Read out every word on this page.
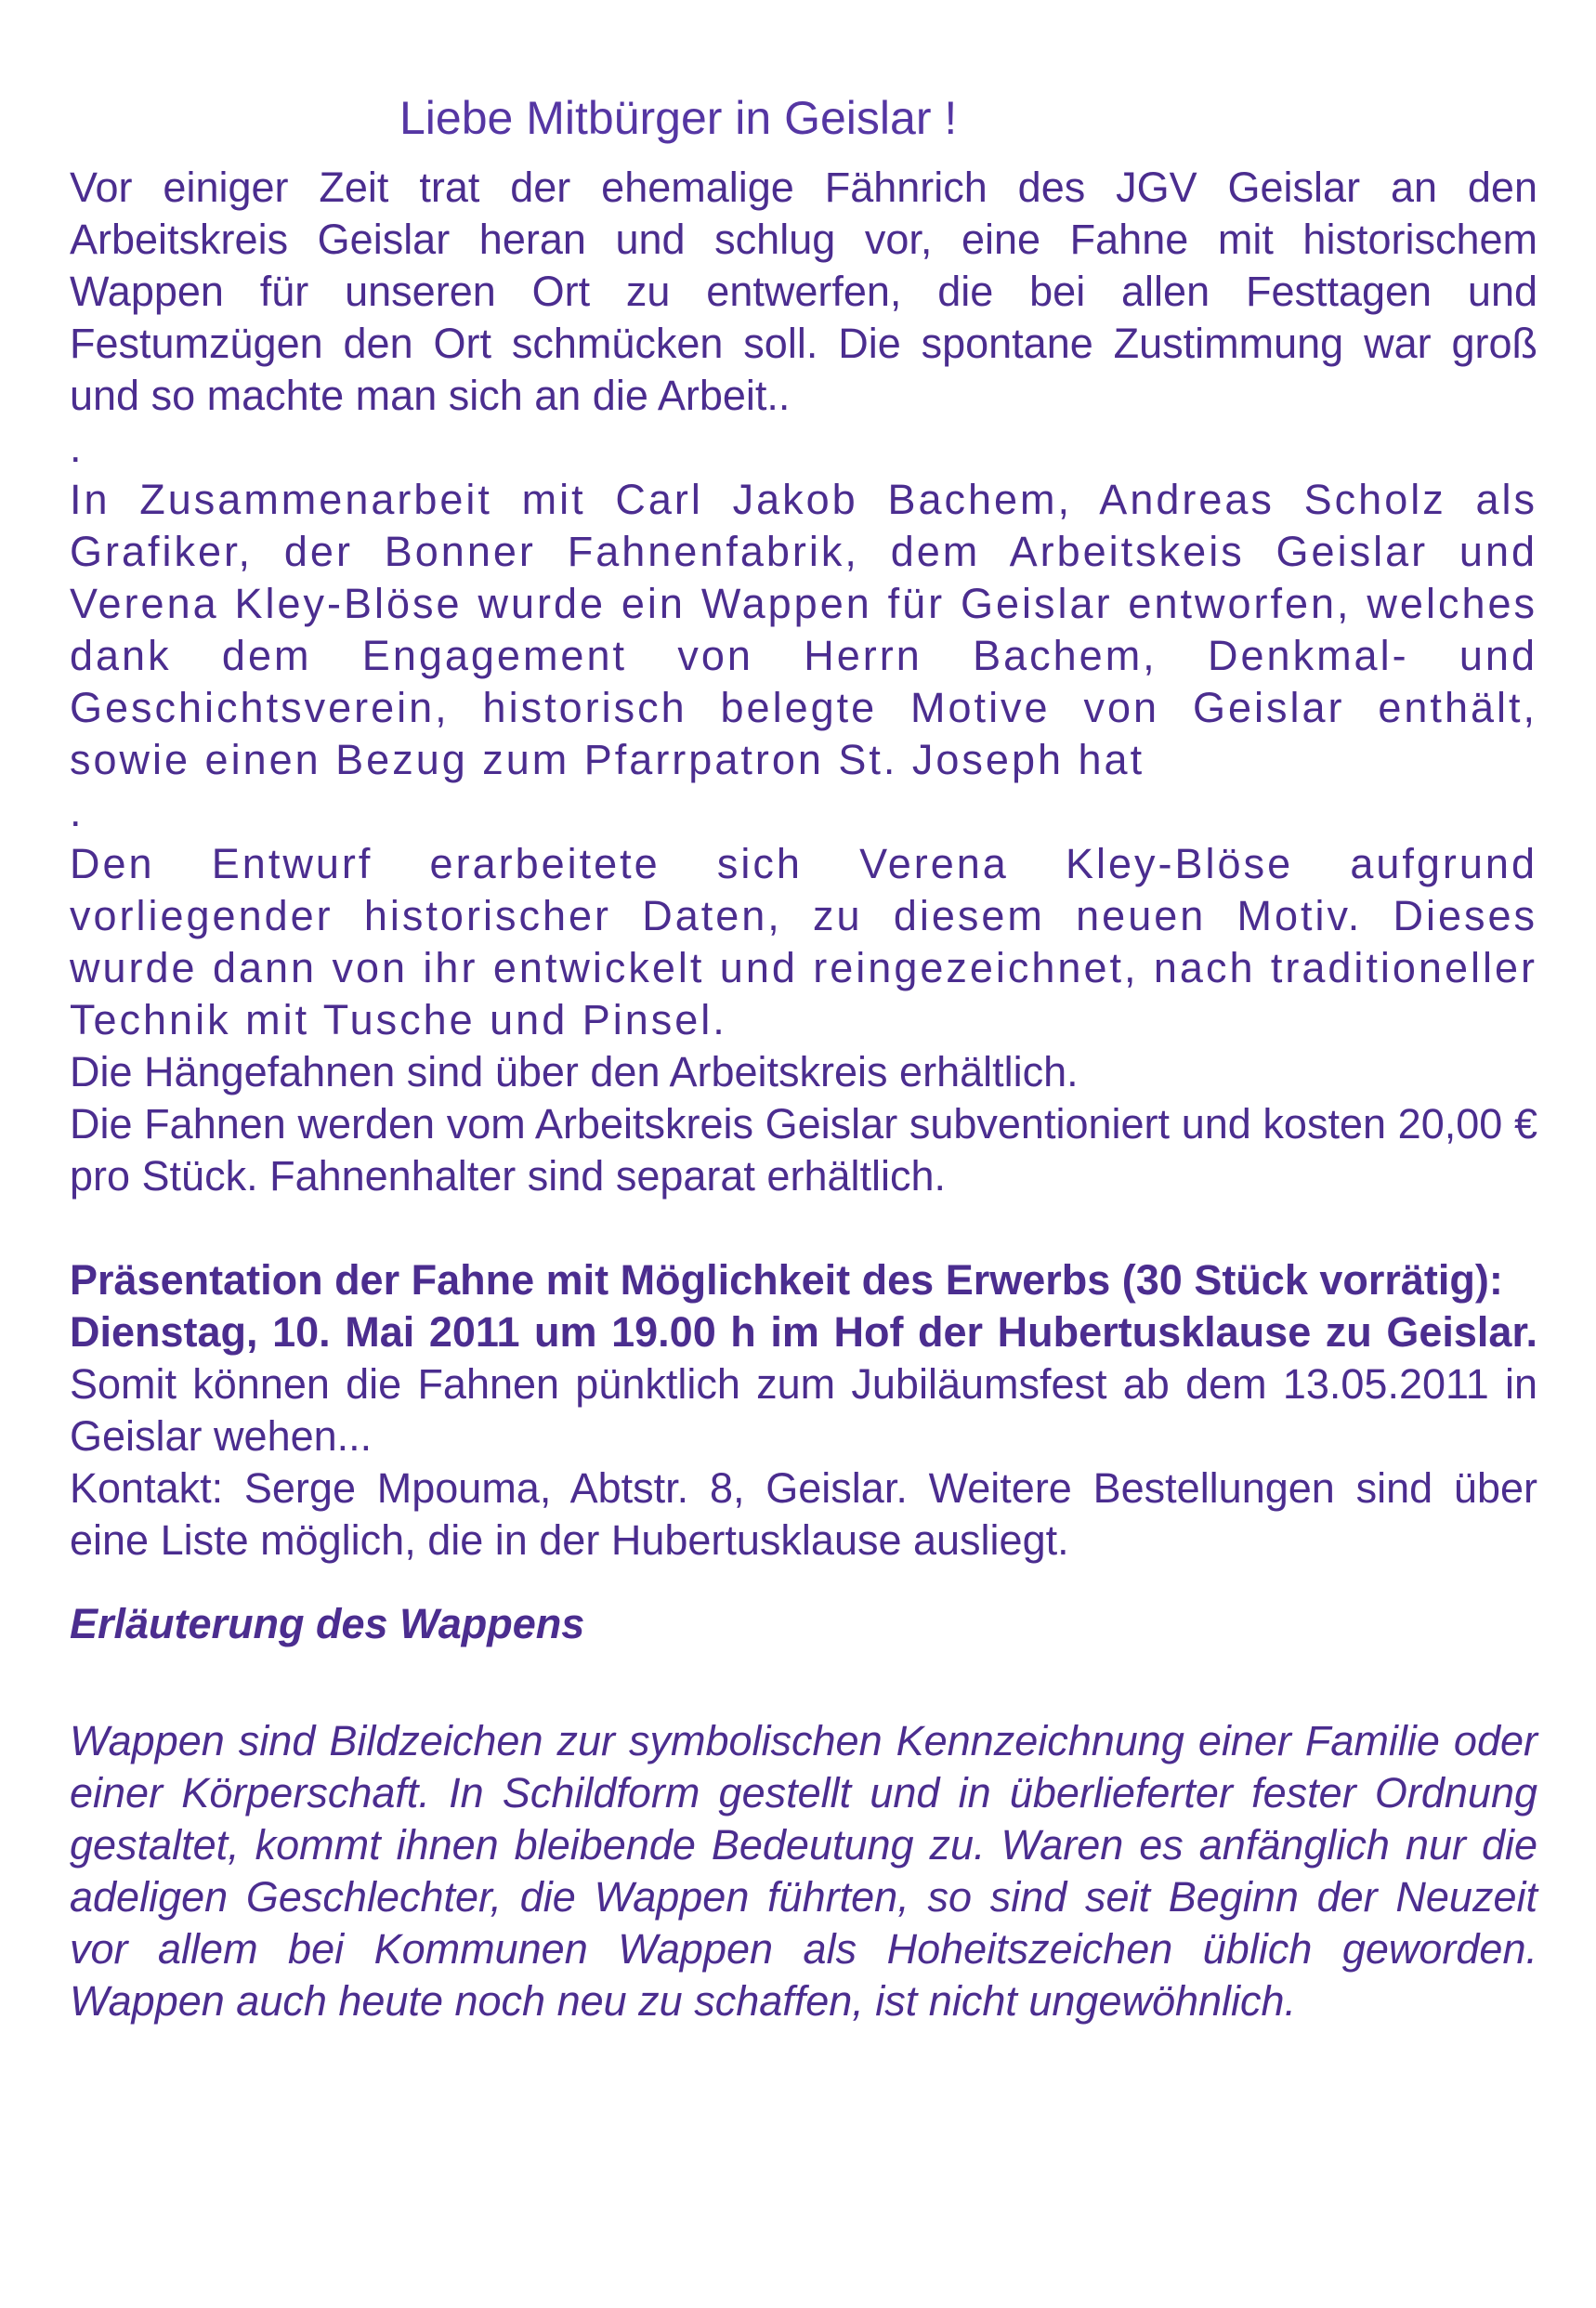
Liebe Mitbürger in Geislar !

Vor einiger Zeit trat der ehemalige Fähnrich des JGV Geislar an den Arbeitskreis Geislar heran und schlug vor, eine Fahne mit historischem Wappen für unseren Ort zu entwerfen, die bei allen Festtagen und Festumzügen den Ort schmücken soll. Die spontane Zustimmung war groß und so machte man sich an die Arbeit..

.

In Zusammenarbeit mit Carl Jakob Bachem, Andreas Scholz als Grafiker, der Bonner Fahnenfabrik, dem Arbeitskeis Geislar und Verena Kley-Blöse wurde ein Wappen für Geislar entworfen, welches dank dem Engagement von Herrn Bachem, Denkmal- und Geschichtsverein, historisch belegte Motive von Geislar enthält, sowie einen Bezug zum Pfarrpatron St. Joseph hat

.

Den Entwurf erarbeitete sich Verena Kley-Blöse aufgrund vorliegender historischer Daten, zu diesem neuen Motiv. Dieses wurde dann von ihr entwickelt und reingezeichnet, nach traditioneller Technik mit Tusche und Pinsel.

Die Hängefahnen sind über den Arbeitskreis erhältlich.

Die Fahnen werden vom Arbeitskreis Geislar subventioniert und kosten 20,00 € pro Stück. Fahnenhalter sind separat erhältlich.

Präsentation der Fahne mit Möglichkeit des Erwerbs (30 Stück vorrätig):

Dienstag, 10. Mai 2011 um 19.00 h im Hof der Hubertusklause zu Geislar. Somit können die Fahnen pünktlich zum Jubiläumsfest ab dem 13.05.2011 in Geislar wehen...

Kontakt: Serge Mpouma, Abtstr. 8, Geislar. Weitere Bestellungen sind über eine Liste möglich, die in der Hubertusklause ausliegt.

Erläuterung des Wappens

Wappen sind Bildzeichen zur symbolischen Kennzeichnung einer Familie oder einer Körperschaft. In Schildform gestellt und in überlieferter fester Ordnung gestaltet, kommt ihnen bleibende Bedeutung zu. Waren es anfänglich nur die adeligen Geschlechter, die Wappen führten, so sind seit Beginn der Neuzeit vor allem bei Kommunen Wappen als Hoheitszeichen üblich geworden. Wappen auch heute noch neu zu schaffen, ist nicht ungewöhnlich.
